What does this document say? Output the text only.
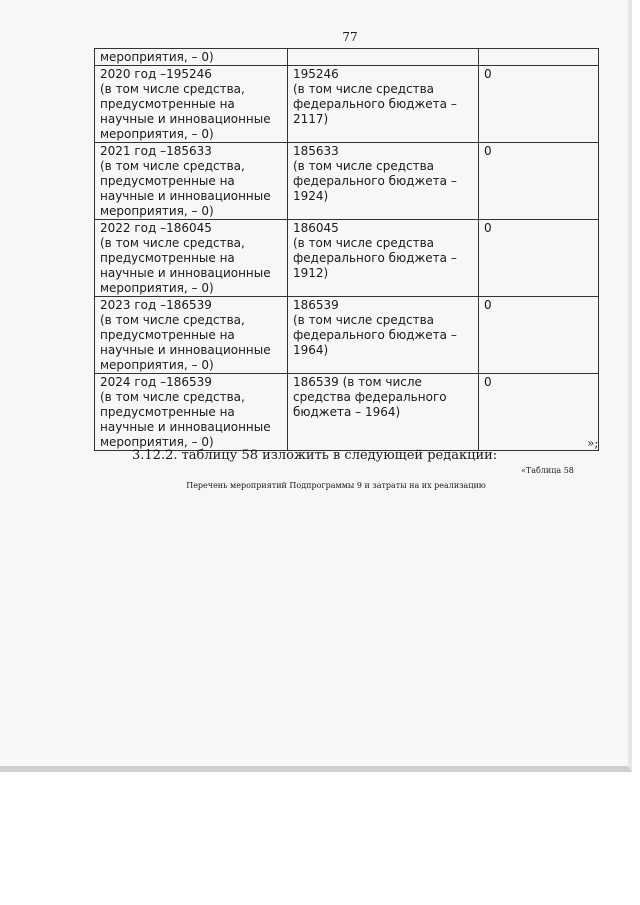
77
мероприятия, – 0)		

2020 год –195246
(в том числе средства,
предусмотренные на
научные и инновационные
мероприятия, – 0)	195246
(в том числе средства
федерального бюджета –
2117)	0

2021 год –185633
(в том числе средства,
предусмотренные на
научные и инновационные
мероприятия, – 0)	185633
(в том числе средства
федерального бюджета –
1924)	0

2022 год –186045
(в том числе средства,
предусмотренные на
научные и инновационные
мероприятия, – 0)	186045
(в том числе средства
федерального бюджета –
1912)	0

2023 год –186539
(в том числе средства,
предусмотренные на
научные и инновационные
мероприятия, – 0)	186539
(в том числе средства
федерального бюджета –
1964)	0

2024 год –186539
(в том числе средства,
предусмотренные на
научные и инновационные
мероприятия, – 0)	186539 (в том числе
средства федерального
бюджета – 1964)	0
»;
3.12.2. таблицу 58 изложить в следующей редакции:
«Таблица 58
Перечень мероприятий Подпрограммы 9 и затраты на их реализацию
